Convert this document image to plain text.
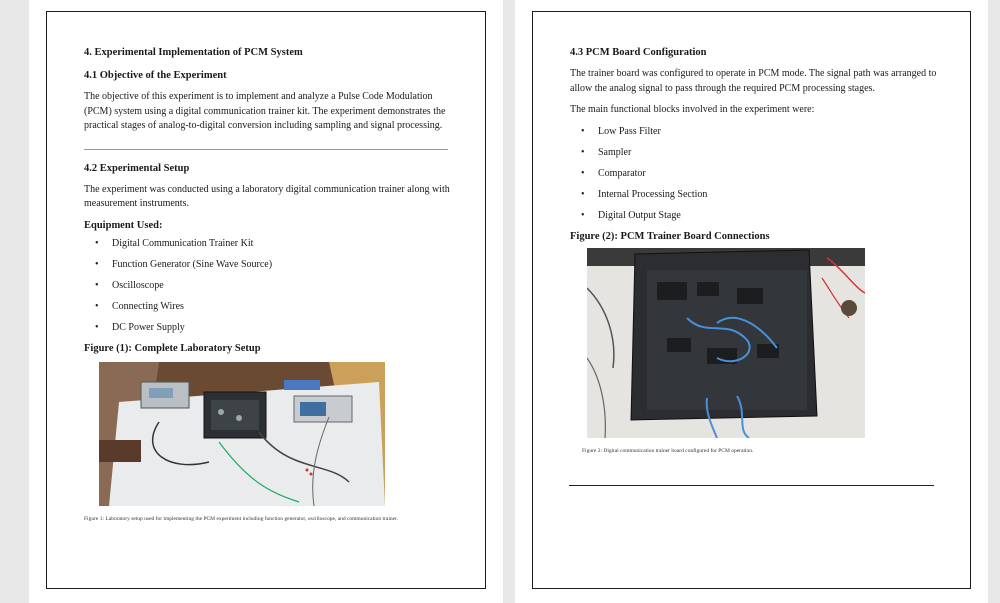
4. Experimental Implementation of PCM System
4.1 Objective of the Experiment

The objective of this experiment is to implement and analyze a Pulse Code Modulation (PCM) system using a digital communication trainer kit. The experiment demonstrates the practical stages of analog-to-digital conversion including sampling and signal processing.

4.2 Experimental Setup

The experiment was conducted using a laboratory digital communication trainer along with measurement instruments.

Equipment Used:
• Digital Communication Trainer Kit
• Function Generator (Sine Wave Source)
• Oscilloscope
• Connecting Wires
• DC Power Supply
Figure (1): Complete Laboratory Setup

Figure 1: Laboratory setup used for implementing the PCM experiment including function generator, oscilloscope, and communication trainer.

4.3 PCM Board Configuration

The trainer board was configured to operate in PCM mode. The signal path was arranged to allow the analog signal to pass through the required PCM processing stages.

The main functional blocks involved in the experiment were:

• Low Pass Filter
• Sampler
• Comparator
• Internal Processing Section
• Digital Output Stage
Figure (2): PCM Trainer Board Connections

Figure 2: Digital communication trainer board configured for PCM operation.
